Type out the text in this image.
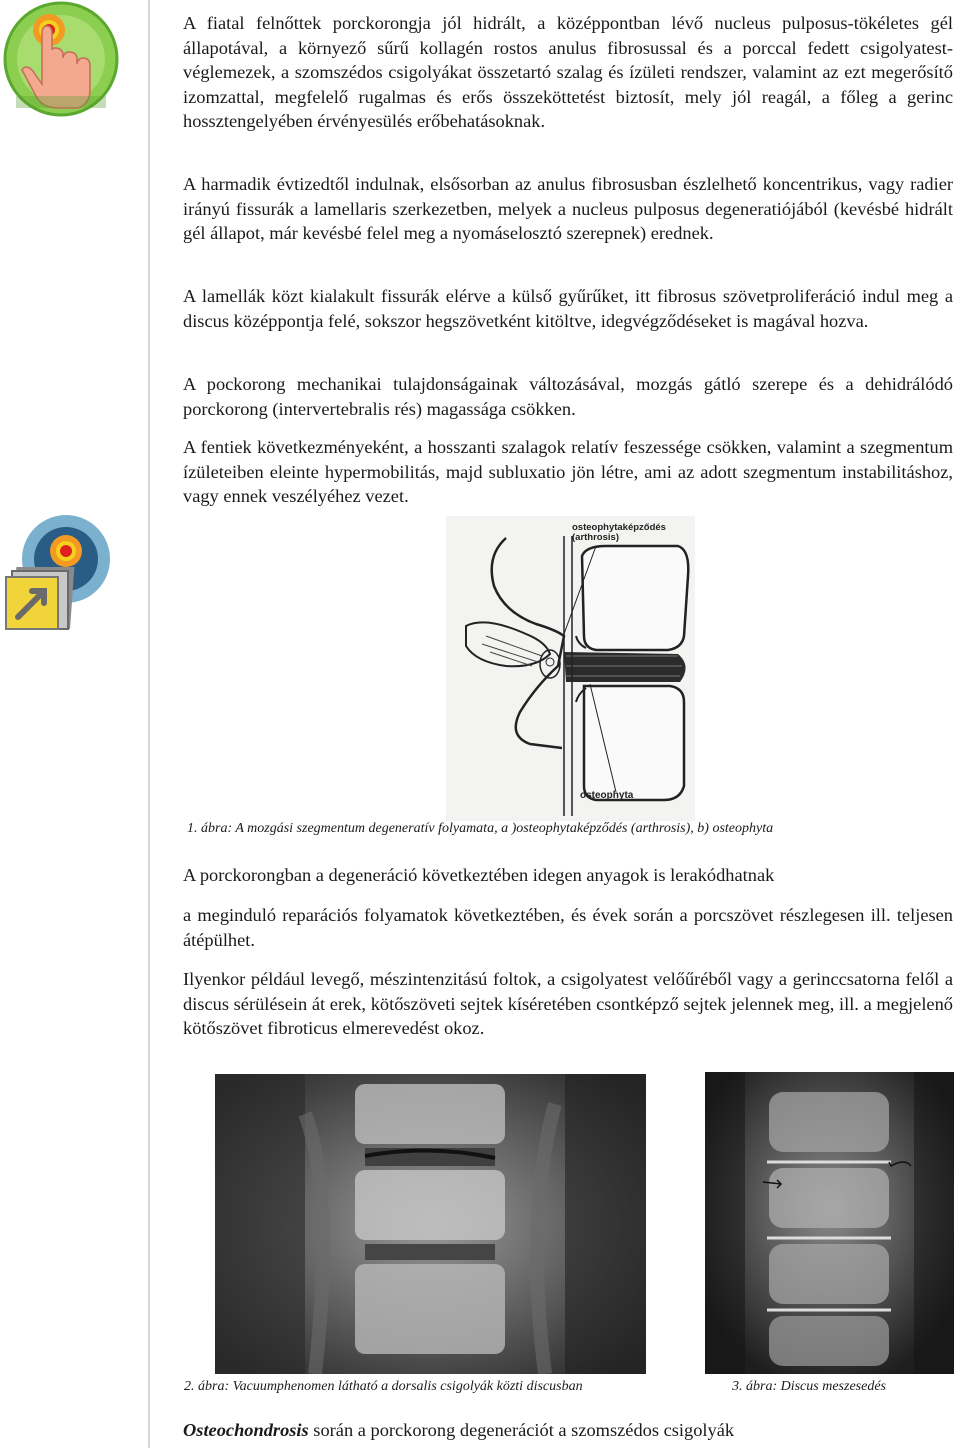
A fiatal felnőttek porckorongja jól hidrált, a középpontban lévő nucleus pulposus-tökéletes gél állapotával, a környező sűrű kollagén rostos anulus fibrosussal és a porccal fedett csigolyatest-véglemezek, a szomszédos csigolyákat összetartó szalag és ízületi rendszer, valamint az ezt megerősítő izomzattal, megfelelő rugalmas és erős összeköttetést biztosít, mely jól reagál, a főleg a gerinc hossztengelyében érvényesülés erőbehatásoknak.

A harmadik évtizedtől indulnak, elsősorban az anulus fibrosusban észlelhető koncentrikus, vagy radier irányú fissurák a lamellaris szerkezetben, melyek a nucleus pulposus degeneratiójából (kevésbé hidrált gél állapot, már kevésbé felel meg a nyomáselosztó szerepnek) erednek.

A lamellák közt kialakult fissurák elérve a külső gyűrűket, itt fibrosus szövetproliferáció indul meg a discus középpontja felé, sokszor hegszövetként kitöltve, idegvégződéseket is magával hozva.

A pockorong mechanikai tulajdonságainak változásával, mozgás gátló szerepe és a dehidrálódó porckorong (intervertebralis rés) magassága csökken.

A fentiek következményeként, a hosszanti szalagok relatív feszessége csökken, valamint a szegmentum ízületeiben eleinte hypermobilitás, majd subluxatio jön létre, ami az adott szegmentum instabilitáshoz, vagy ennek veszélyéhez vezet.

osteophytaképződés
(arthrosis)
osteophyta

1. ábra: A mozgási szegmentum degeneratív folyamata, a )osteophytaképződés (arthrosis), b) osteophyta

A porckorongban a degeneráció következtében idegen anyagok is lerakódhatnak

a meginduló reparációs folyamatok következtében, és évek során a porcszövet részlegesen ill. teljesen átépülhet.

Ilyenkor például levegő, mészintenzitású foltok, a csigolyatest velőűréből vagy a gerinccsatorna felől a discus sérülésein át erek, kötőszöveti sejtek kíséretében csontképző sejtek jelennek meg, ill. a megjelenő kötőszövet fibroticus elmerevedést okoz.

2. ábra: Vacuumphenomen látható a dorsalis csigolyák közti discusban	3. ábra: Discus meszesedés

Osteochondrosis során a porckorong degenerációt a szomszédos csigolyák
